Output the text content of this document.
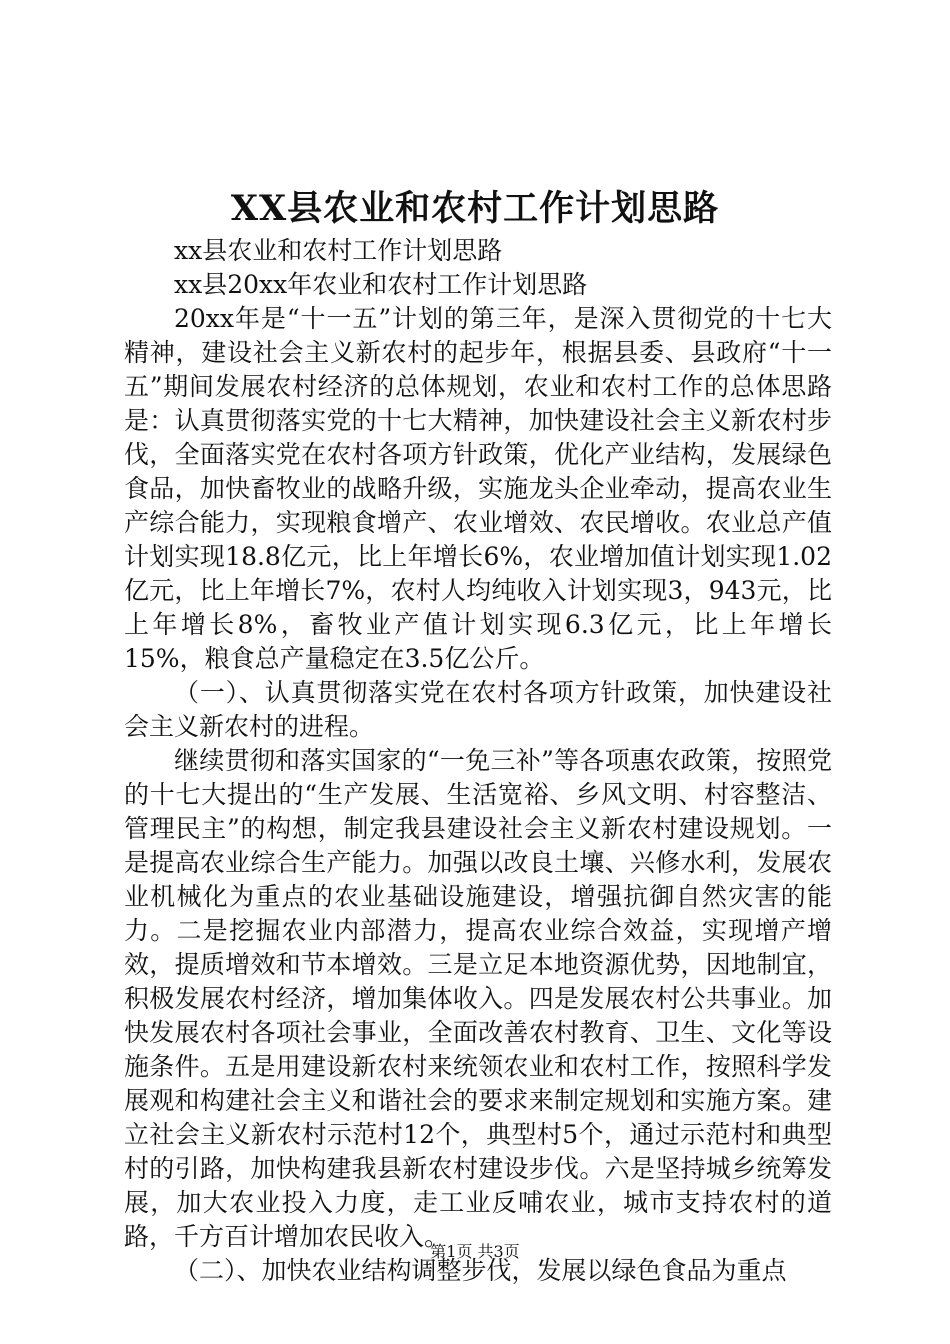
XX县农业和农村工作计划思路

xx县农业和农村工作计划思路

xx县20xx年农业和农村工作计划思路

20xx年是“十一五”计划的第三年，是深入贯彻党的十七大精神，建设社会主义新农村的起步年，根据县委、县政府“十一五”期间发展农村经济的总体规划，农业和农村工作的总体思路是：认真贯彻落实党的十七大精神，加快建设社会主义新农村步伐，全面落实党在农村各项方针政策，优化产业结构，发展绿色食品，加快畜牧业的战略升级，实施龙头企业牵动，提高农业生产综合能力，实现粮食增产、农业增效、农民增收。农业总产值计划实现18.8亿元，比上年增长6%，农业增加值计划实现1.02亿元，比上年增长7%，农村人均纯收入计划实现3，943元，比上年增长8%，畜牧业产值计划实现6.3亿元，比上年增长15%，粮食总产量稳定在3.5亿公斤。

（一）、认真贯彻落实党在农村各项方针政策，加快建设社会主义新农村的进程。

继续贯彻和落实国家的“一免三补”等各项惠农政策，按照党的十七大提出的“生产发展、生活宽裕、乡风文明、村容整洁、管理民主”的构想，制定我县建设社会主义新农村建设规划。一是提高农业综合生产能力。加强以改良土壤、兴修水利，发展农业机械化为重点的农业基础设施建设，增强抗御自然灾害的能力。二是挖掘农业内部潜力，提高农业综合效益，实现增产增效，提质增效和节本增效。三是立足本地资源优势，因地制宜，积极发展农村经济，增加集体收入。四是发展农村公共事业。加快发展农村各项社会事业，全面改善农村教育、卫生、文化等设施条件。五是用建设新农村来统领农业和农村工作，按照科学发展观和构建社会主义和谐社会的要求来制定规划和实施方案。建立社会主义新农村示范村12个，典型村5个，通过示范村和典型村的引路，加快构建我县新农村建设步伐。六是坚持城乡统筹发展，加大农业投入力度，走工业反哺农业，城市支持农村的道路，千方百计增加农民收入。

（二）、加快农业结构调整步伐，发展以绿色食品为重点

第1页 共3页
